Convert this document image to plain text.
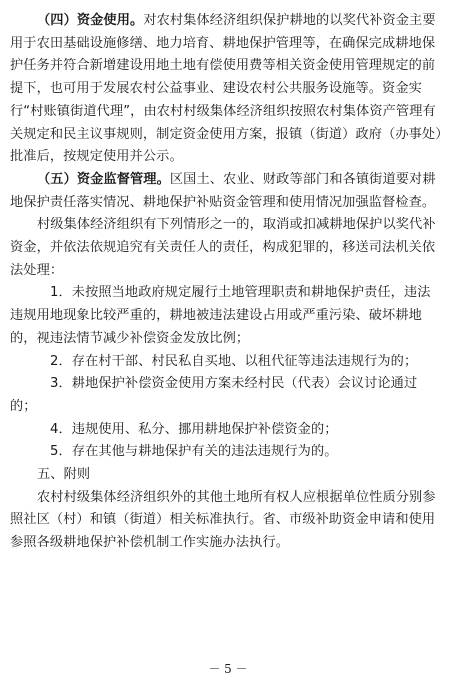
（四）资金使用。对农村集体经济组织保护耕地的以奖代补资金主要用于农田基础设施修缮、地力培育、耕地保护管理等，在确保完成耕地保护任务并符合新增建设用地土地有偿使用费等相关资金使用管理规定的前提下，也可用于发展农村公益事业、建设农村公共服务设施等。资金实行“村账镇街道代理”，由农村村级集体经济组织按照农村集体资产管理有关规定和民主议事规则，制定资金使用方案，报镇（街道）政府（办事处）批准后，按规定使用并公示。

（五）资金监督管理。区国土、农业、财政等部门和各镇街道要对耕地保护责任落实情况、耕地保护补贴资金管理和使用情况加强监督检查。

村级集体经济组织有下列情形之一的，取消或扣减耕地保护以奖代补资金，并依法依规追究有关责任人的责任，构成犯罪的，移送司法机关依法处理：

1．未按照当地政府规定履行土地管理职责和耕地保护责任，违法违规用地现象比较严重的，耕地被违法建设占用或严重污染、破坏耕地的，视违法情节减少补偿资金发放比例；

2．存在村干部、村民私自买地、以租代征等违法违规行为的；

3．耕地保护补偿资金使用方案未经村民（代表）会议讨论通过的；

4．违规使用、私分、挪用耕地保护补偿资金的；

5．存在其他与耕地保护有关的违法违规行为的。

五、附则

农村村级集体经济组织外的其他土地所有权人应根据单位性质分别参照社区（村）和镇（街道）相关标准执行。省、市级补助资金申请和使用参照各级耕地保护补偿机制工作实施办法执行。

－ 5 －
